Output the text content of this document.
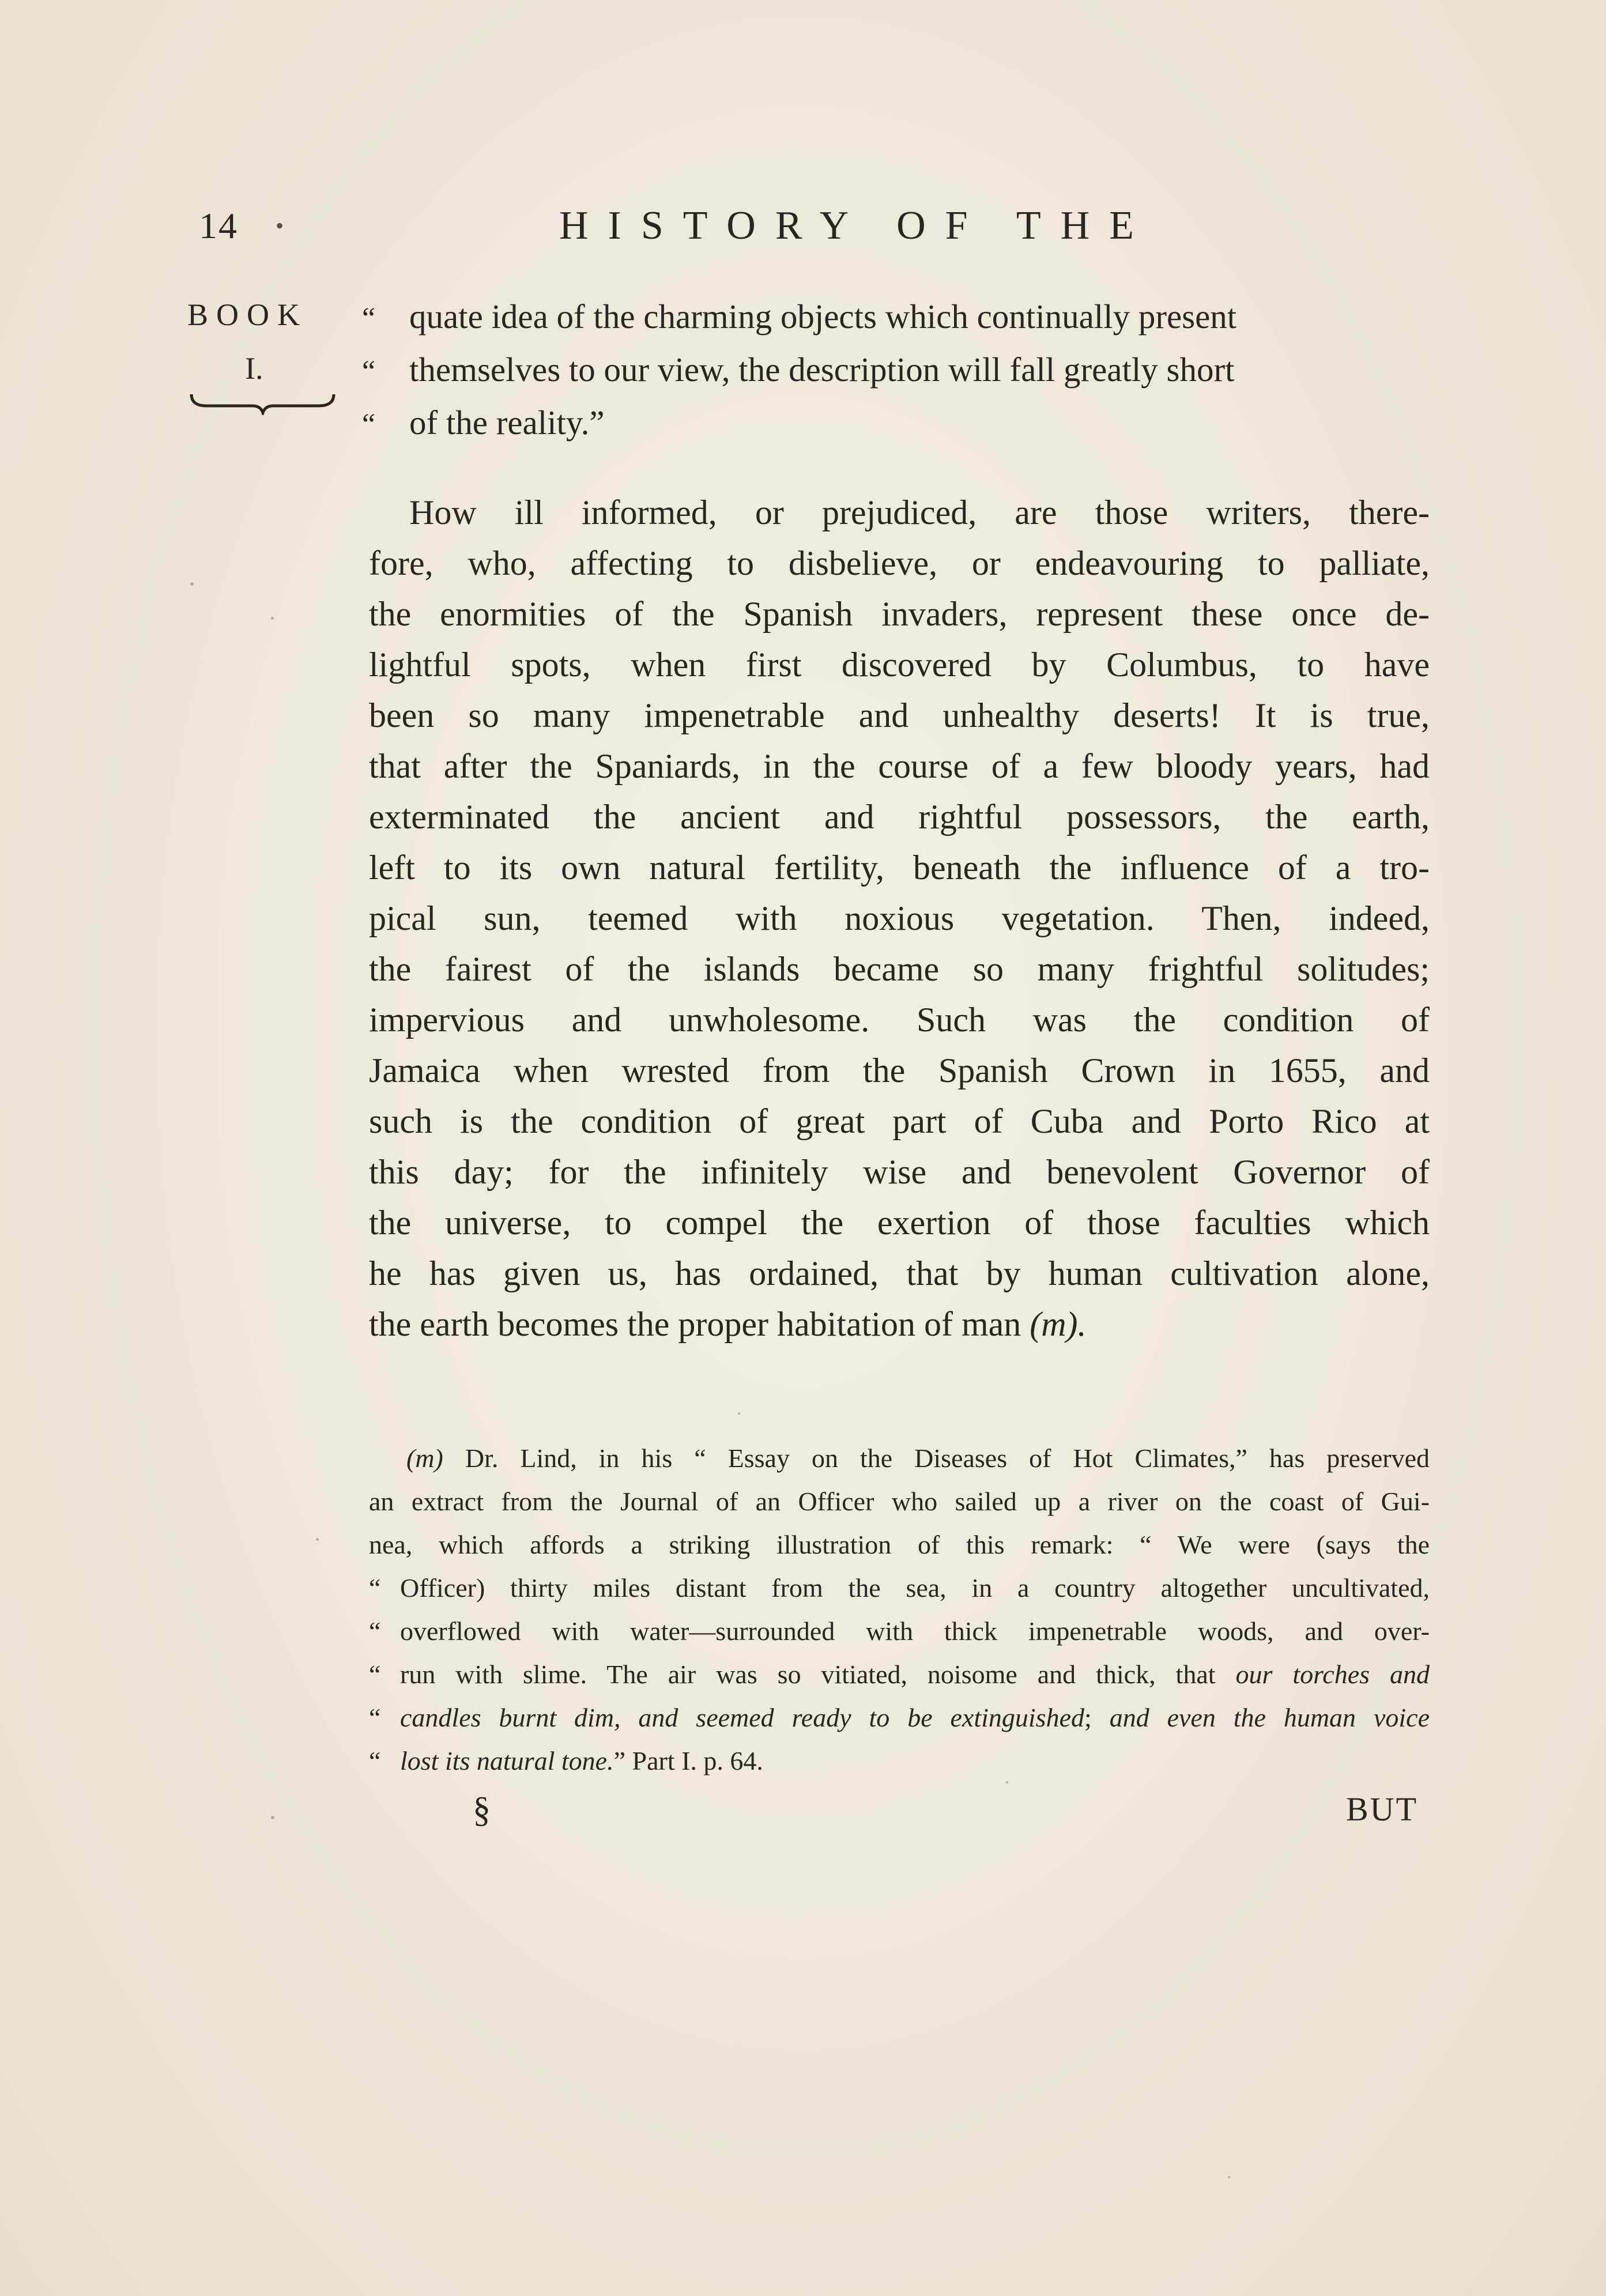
14 •	HISTORY OF THE
BOOK
I.
“ quate idea of the charming objects which continually present
“ themselves to our view, the description will fall greatly short
“ of the reality.”
How ill informed, or prejudiced, are those writers, there-
fore, who, affecting to disbelieve, or endeavouring to palliate,
the enormities of the Spanish invaders, represent these once de-
lightful spots, when first discovered by Columbus, to have
been so many impenetrable and unhealthy deserts! It is true,
that after the Spaniards, in the course of a few bloody years, had
exterminated the ancient and rightful possessors, the earth,
left to its own natural fertility, beneath the influence of a tro-
pical sun, teemed with noxious vegetation. Then, indeed,
the fairest of the islands became so many frightful solitudes;
impervious and unwholesome. Such was the condition of
Jamaica when wrested from the Spanish Crown in 1655, and
such is the condition of great part of Cuba and Porto Rico at
this day; for the infinitely wise and benevolent Governor of
the universe, to compel the exertion of those faculties which
he has given us, has ordained, that by human cultivation alone,
the earth becomes the proper habitation of man (m).
(m) Dr. Lind, in his “ Essay on the Diseases of Hot Climates,” has preserved
an extract from the Journal of an Officer who sailed up a river on the coast of Gui-
nea, which affords a striking illustration of this remark: “ We were (says the
“ Officer) thirty miles distant from the sea, in a country altogether uncultivated,
“ overflowed with water—surrounded with thick impenetrable woods, and over-
“ run with slime. The air was so vitiated, noisome and thick, that our torches and
“ candles burnt dim, and seemed ready to be extinguished; and even the human voice
“ lost its natural tone.” Part I. p. 64.
§	BUT
